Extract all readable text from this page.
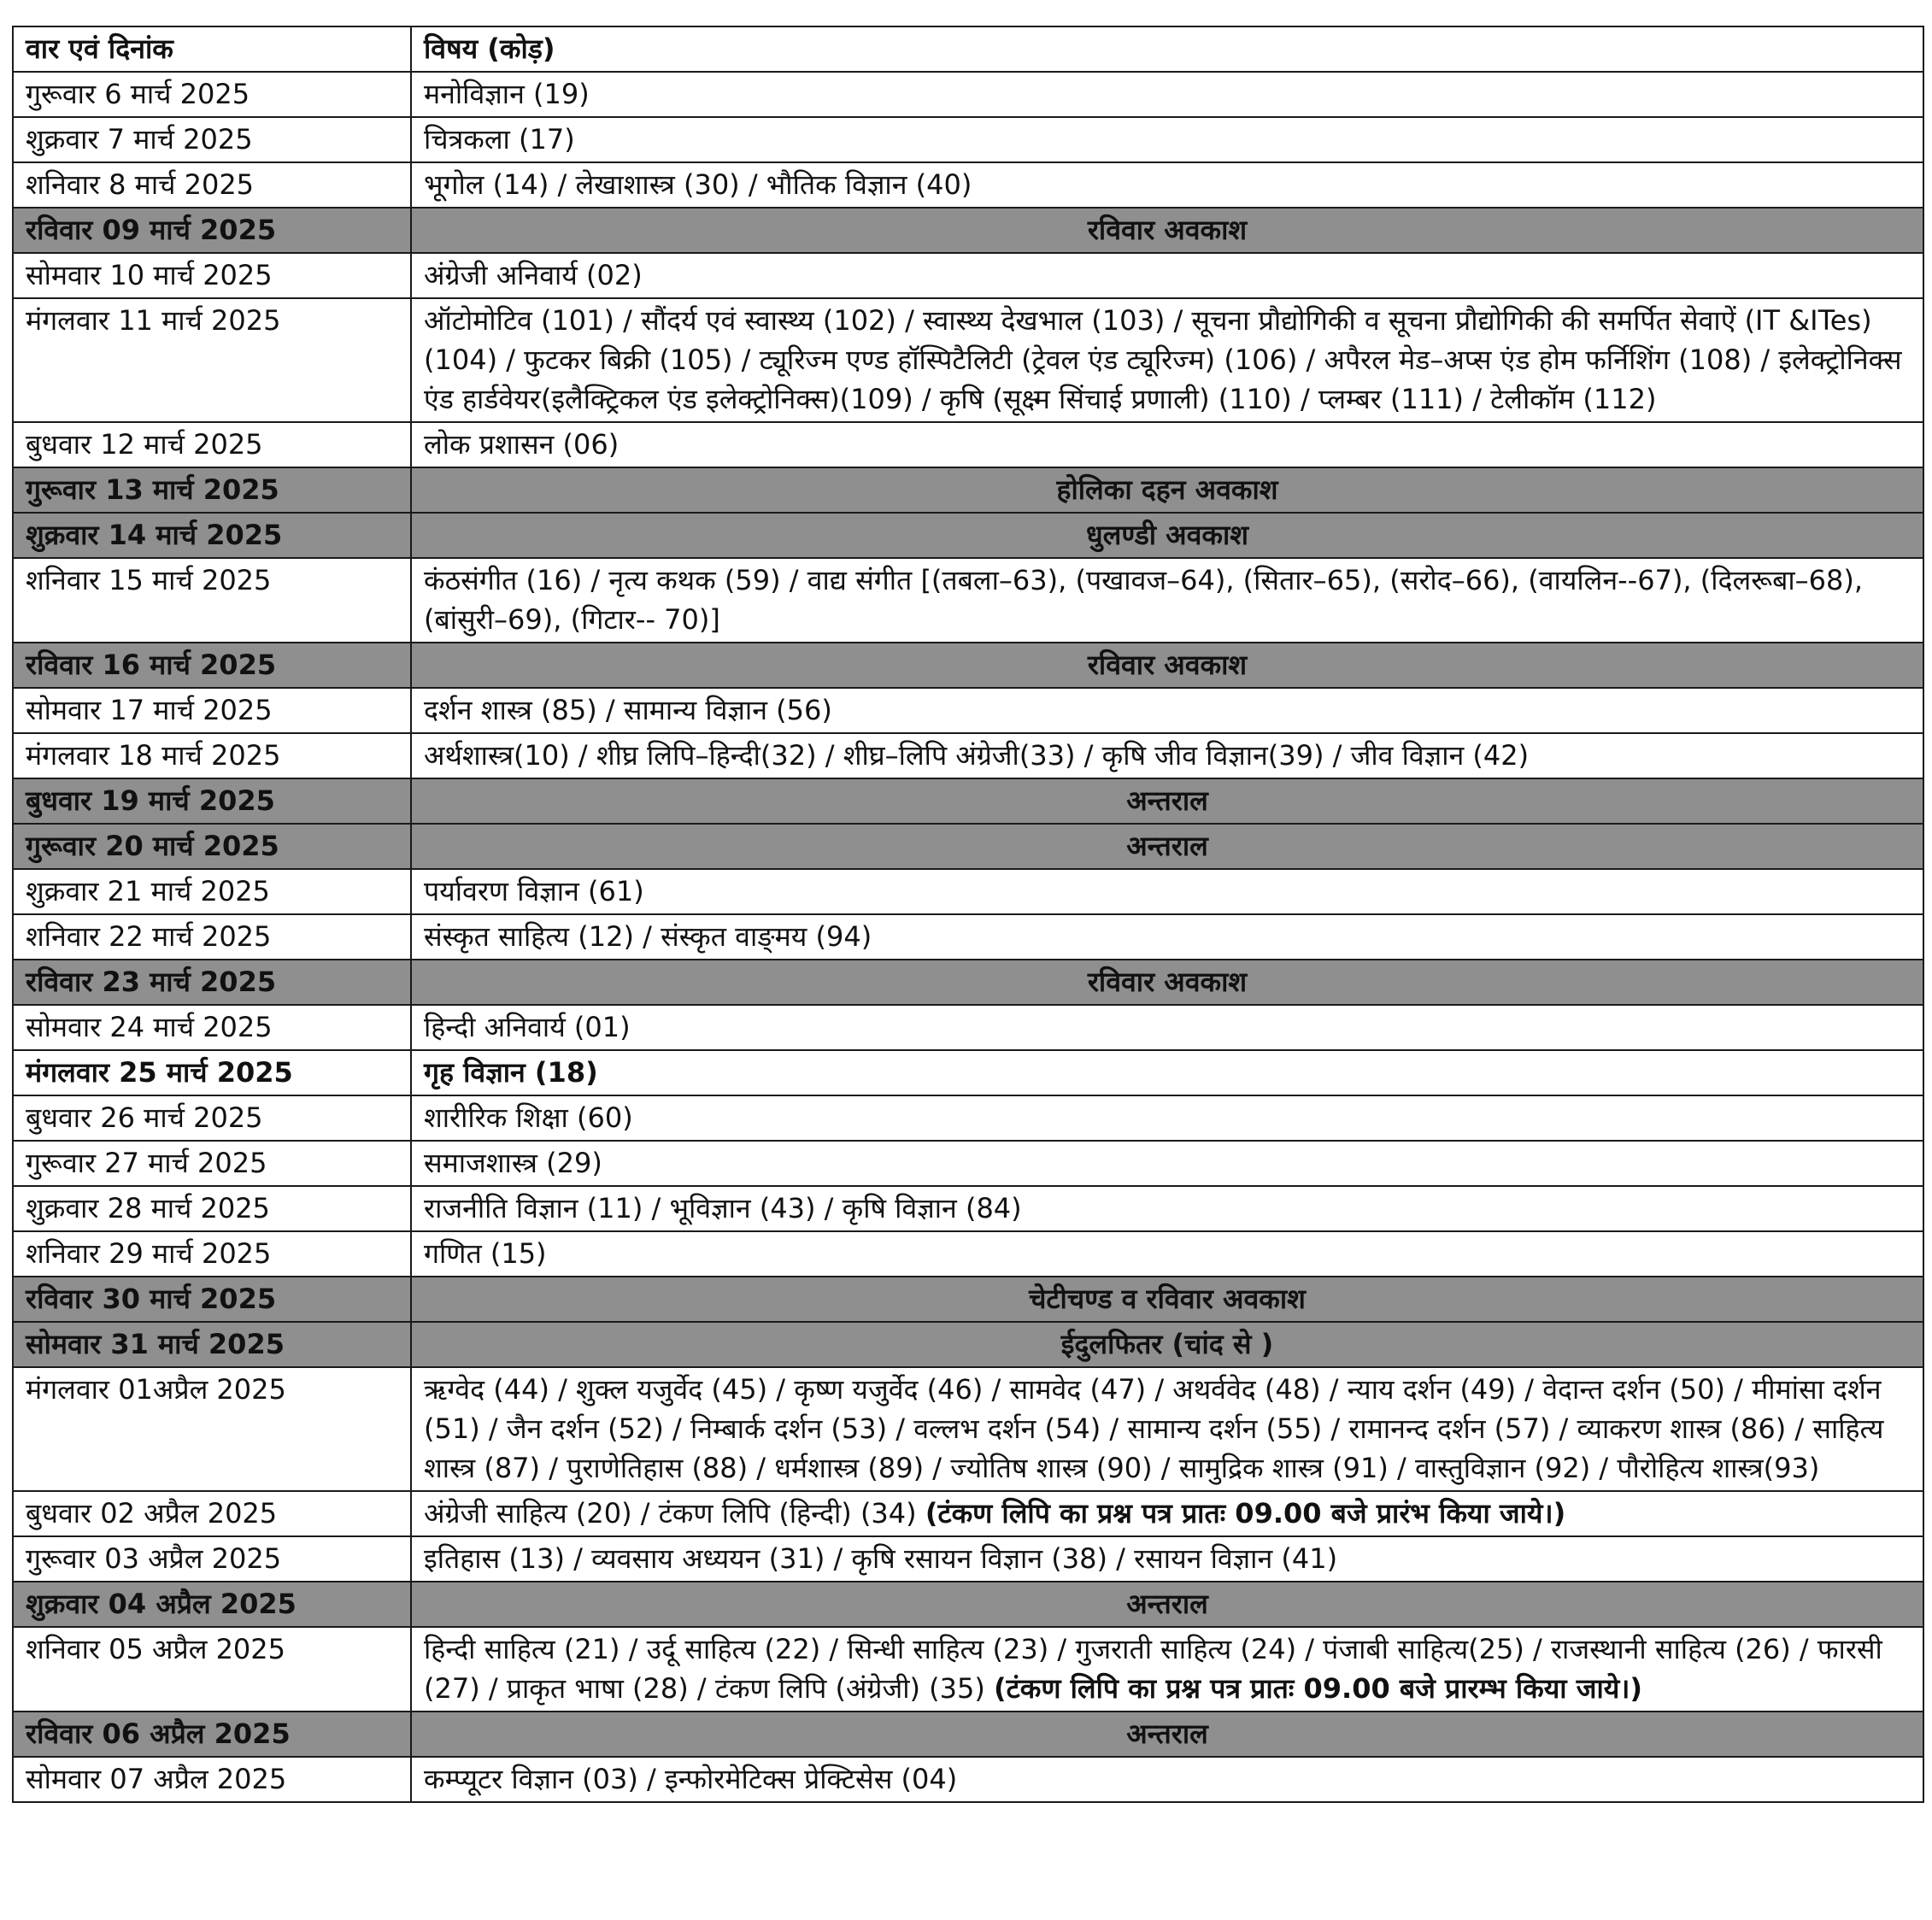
वार एवं दिनांक	विषय (कोड़)
गुरूवार 6 मार्च 2025	मनोविज्ञान (19)
शुक्रवार 7 मार्च 2025	चित्रकला (17)
शनिवार 8 मार्च 2025	भूगोल (14) / लेखाशास्त्र (30) / भौतिक विज्ञान (40)
रविवार 09 मार्च 2025	रविवार अवकाश
सोमवार 10 मार्च 2025	अंग्रेजी अनिवार्य (02)
मंगलवार 11 मार्च 2025	ऑटोमोटिव (101) / सौंदर्य एवं स्वास्थ्य (102) / स्वास्थ्य देखभाल (103) / सूचना प्रौद्योगिकी व सूचना प्रौद्योगिकी की समर्पित सेवाऐं (IT &ITes)(104) / फुटकर बिक्री (105) / ट्यूरिज्म एण्ड हॉस्पिटैलिटी (ट्रेवल एंड ट्यूरिज्म) (106) / अपैरल मेड–अप्स एंड होम फर्निशिंग (108) / इलेक्ट्रोनिक्स एंड हार्डवेयर(इलैक्ट्रिकल एंड इलेक्ट्रोनिक्स)(109) / कृषि (सूक्ष्म सिंचाई प्रणाली) (110) / प्लम्बर (111) / टेलीकॉम (112)
बुधवार 12 मार्च 2025	लोक प्रशासन (06)
गुरूवार 13 मार्च 2025	होलिका दहन अवकाश
शुक्रवार 14 मार्च 2025	धुलण्डी अवकाश
शनिवार 15 मार्च 2025	कंठसंगीत (16) / नृत्य कथक (59) / वाद्य संगीत [(तबला–63), (पखावज–64), (सितार–65), (सरोद–66), (वायलिन--67), (दिलरूबा–68), (बांसुरी–69), (गिटार-- 70)]
रविवार 16 मार्च 2025	रविवार अवकाश
सोमवार 17 मार्च 2025	दर्शन शास्त्र (85) / सामान्य विज्ञान (56)
मंगलवार 18 मार्च 2025	अर्थशास्त्र(10) / शीघ्र लिपि–हिन्दी(32) / शीघ्र–लिपि अंग्रेजी(33) / कृषि जीव विज्ञान(39) / जीव विज्ञान (42)
बुधवार 19 मार्च 2025	अन्तराल
गुरूवार 20 मार्च 2025	अन्तराल
शुक्रवार 21 मार्च 2025	पर्यावरण विज्ञान (61)
शनिवार 22 मार्च 2025	संस्कृत साहित्य (12) / संस्कृत वाङ्‌मय (94)
रविवार 23 मार्च 2025	रविवार अवकाश
सोमवार 24 मार्च 2025	हिन्दी अनिवार्य (01)
मंगलवार 25 मार्च 2025	गृह विज्ञान (18)
बुधवार 26 मार्च 2025	शारीरिक शिक्षा (60)
गुरूवार 27 मार्च 2025	समाजशास्त्र (29)
शुक्रवार 28 मार्च 2025	राजनीति विज्ञान (11) / भूविज्ञान (43) / कृषि विज्ञान (84)
शनिवार 29 मार्च 2025	गणित (15)
रविवार 30 मार्च 2025	चेटीचण्ड व रविवार अवकाश
सोमवार 31 मार्च 2025	ईदुलफितर (चांद से )
मंगलवार 01अप्रैल 2025	ऋग्वेद (44) / शुक्ल यजुर्वेद (45) / कृष्ण यजुर्वेद (46) / सामवेद (47) / अथर्ववेद (48) / न्याय दर्शन (49) / वेदान्त दर्शन (50) / मीमांसा दर्शन (51) / जैन दर्शन (52) / निम्बार्क दर्शन (53) / वल्लभ दर्शन (54) / सामान्य दर्शन (55) / रामानन्द दर्शन (57) / व्याकरण शास्त्र (86) / साहित्य शास्त्र (87) / पुराणेतिहास (88) / धर्मशास्त्र (89) / ज्योतिष शास्त्र (90) / सामुद्रिक शास्त्र (91) / वास्तुविज्ञान (92) / पौरोहित्य शास्त्र(93)
बुधवार 02 अप्रैल 2025	अंग्रेजी साहित्य (20) / टंकण लिपि (हिन्दी) (34) (टंकण लिपि का प्रश्न पत्र प्रातः 09.00 बजे प्रारंभ किया जाये।)
गुरूवार 03 अप्रैल 2025	इतिहास (13) / व्यवसाय अध्ययन (31) / कृषि रसायन विज्ञान (38) / रसायन विज्ञान (41)
शुक्रवार 04 अप्रैल 2025	अन्तराल
शनिवार 05 अप्रैल 2025	हिन्दी साहित्य (21) / उर्दू साहित्य (22) / सिन्धी साहित्य (23) / गुजराती साहित्य (24) / पंजाबी साहित्य(25) / राजस्थानी साहित्य (26) / फारसी (27) / प्राकृत भाषा (28) / टंकण लिपि (अंग्रेजी) (35) (टंकण लिपि का प्रश्न पत्र प्रातः 09.00 बजे प्रारम्भ किया जाये।)
रविवार 06 अप्रैल 2025	अन्तराल
सोमवार 07 अप्रैल 2025	कम्प्यूटर विज्ञान (03) / इन्फोरमेटिक्स प्रेक्टिसेस (04)
